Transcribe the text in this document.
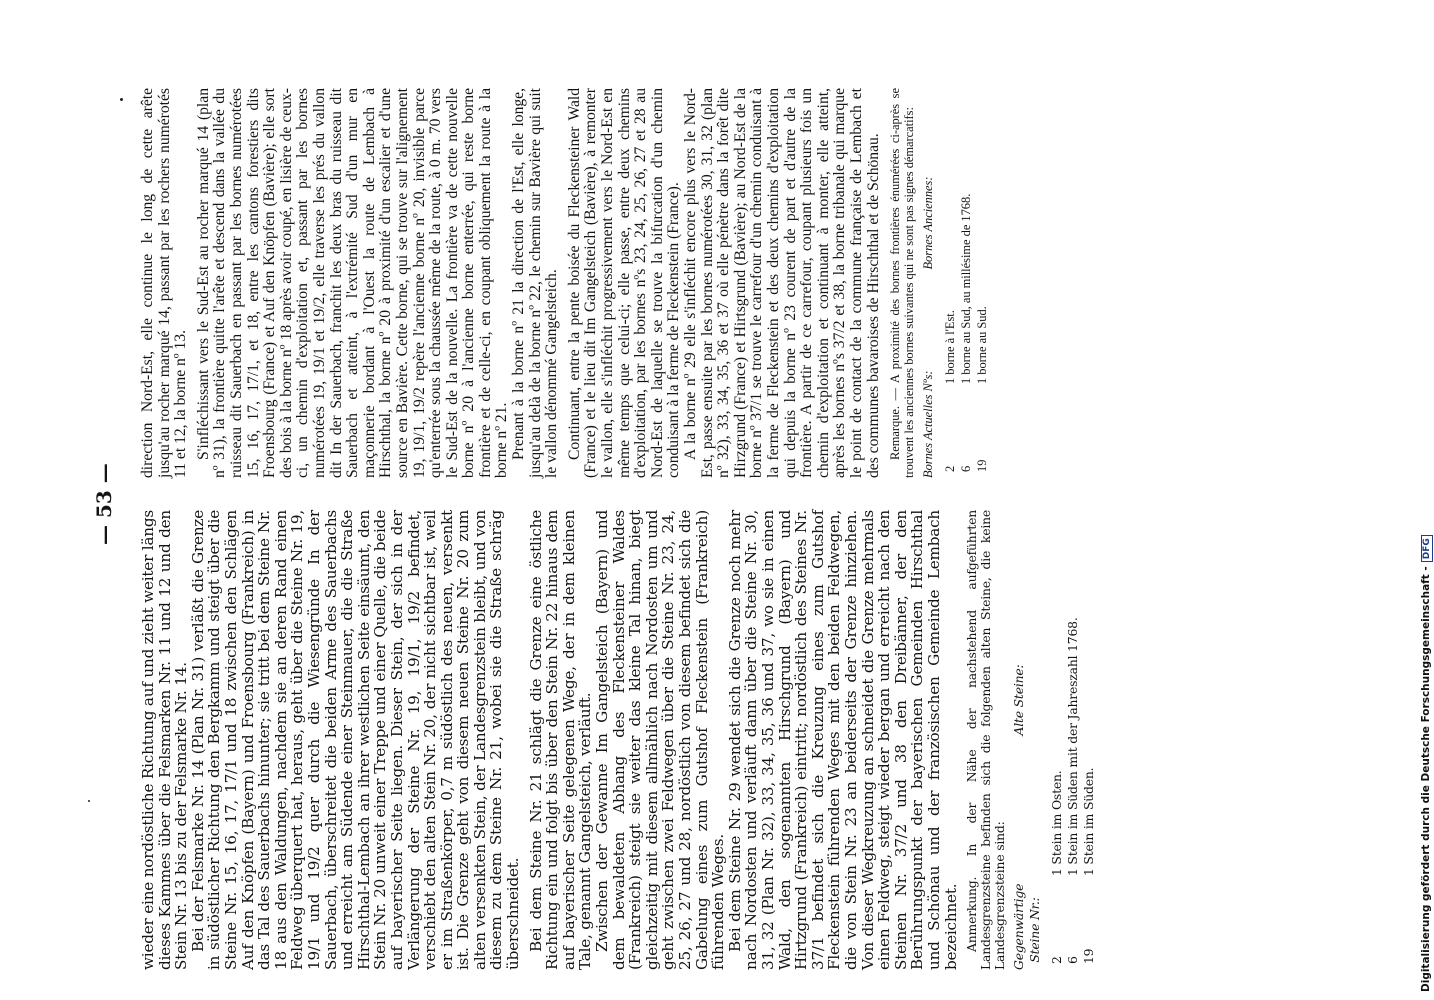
— 53 —

wieder eine nordöstliche Richtung auf und zieht weiter längs dieses Kammes über die Felsmarken Nr. 11 und 12 und den Stein Nr. 13 bis zu der Felsmarke Nr. 14.

Bei der Felsmarke Nr. 14 (Plan Nr. 31) verläßt die Grenze in südöstlicher Richtung den Bergkamm und steigt über die Steine Nr. 15, 16, 17, 17/1 und 18 zwischen den Schlägen Auf den Knöpfen (Bayern) und Froensbourg (Frankreich) in das Tal des Sauerbachs hinunter; sie tritt bei dem Steine Nr. 18 aus den Waldungen, nachdem sie an deren Rand einen Feldweg überquert hat, heraus, geht über die Steine Nr. 19, 19/1 und 19/2 quer durch die Wiesengründe In der Sauerbach, überschreitet die beiden Arme des Sauerbachs und erreicht am Südende einer Steinmauer, die die Straße Hirschthal-Lembach an ihrer westlichen Seite einsäumt, den Stein Nr. 20 unweit einer Treppe und einer Quelle, die beide auf bayerischer Seite liegen. Dieser Stein, der sich in der Verlängerung der Steine Nr. 19, 19/1, 19/2 befindet, verschiebt den alten Stein Nr. 20, der nicht sichtbar ist, weil er im Straßenkörper, 0,7 m südöstlich des neuen, versenkt ist. Die Grenze geht von diesem neuen Steine Nr. 20 zum alten versenkten Stein, der Landesgrenzstein bleibt, und von diesem zu dem Steine Nr. 21, wobei sie die Straße schräg überschneidet. Bei dem Steine Nr. 21 schlägt die Grenze eine östliche Richtung ein und folgt bis über den Stein Nr. 22 hinaus dem auf bayerischer Seite gelegenen Wege, der in dem kleinen Tale, genannt Gangelsteich, verläuft.

Zwischen der Gewanne Im Gangelsteich (Bayern) und dem bewaldeten Abhang des Fleckensteiner Waldes (Frankreich) steigt sie weiter das kleine Tal hinan, biegt gleichzeitig mit diesem allmählich nach Nordosten um und geht zwischen zwei Feldwegen über die Steine Nr. 23, 24, 25, 26, 27 und 28, nordöstlich von diesem befindet sich die Gabelung eines zum Gutshof Fleckenstein (Frankreich) führenden Weges.

Bei dem Steine Nr. 29 wendet sich die Grenze noch mehr nach Nordosten und verläuft dann über die Steine Nr. 30, 31, 32 (Plan Nr. 32), 33, 34, 35, 36 und 37, wo sie in einen Wald, den sogenannten Hirschgrund (Bayern) und Hirtzgrund (Frankreich) eintritt; nordöstlich des Steines Nr. 37/1 befindet sich die Kreuzung eines zum Gutshof Fleckenstein führenden Weges mit den beiden Feldwegen, die von Stein Nr. 23 an beiderseits der Grenze hinziehen. Von dieser Wegkreuzung an schneidet die Grenze mehrmals einen Feldweg, steigt wieder bergan und erreicht nach den Steinen Nr. 37/2 und 38 den Dreibänner, der den Berührungspunkt der bayerischen Gemeinden Hirschthal und Schönau und der französischen Gemeinde Lembach bezeichnet. Anmerkung. In der Nähe der nachstehend aufgeführten Landesgrenzsteine befinden sich die folgenden alten Steine, die keine Landesgrenzsteine sind: Gegenwärtige Steine Nr.:
Alte Steine:
2
1 Stein im Osten.
6
1 Stein im Süden mit der Jahreszahl 1768.
19
1 Stein im Süden.

direction Nord-Est, elle continue le long de cette arête jusqu'au rocher marqué 14, passant par les rochers numérotés 11 et 12, la borne nº 13. S'infléchissant vers le Sud-Est au rocher marqué 14 (plan nº 31), la frontière quitte l'arête et descend dans la vallée du ruisseau dit Sauerbach en passant par les bornes numérotées 15, 16, 17, 17/1, et 18, entre les cantons forestiers dits Froensbourg (France) et Auf den Knöpfen (Bavière); elle sort des bois à la borne nº 18 après avoir coupé, en lisière de ceux-ci, un chemin d'exploitation et, passant par les bornes numérotées 19, 19/1 et 19/2, elle traverse les prés du vallon dit In der Sauerbach, franchit les deux bras du ruisseau dit Sauerbach et atteint, à l'extrémité Sud d'un mur en maçonnerie bordant à l'Ouest la route de Lembach à Hirschthal, la borne nº 20 à proximité d'un escalier et d'une source en Bavière. Cette borne, qui se trouve sur l'alignement 19, 19/1, 19/2 repère l'ancienne borne nº 20, invisible parce qu'enterrée sous la chaussée même de la route, à 0 m. 70 vers le Sud-Est de la nouvelle. La frontière va de cette nouvelle borne nº 20 à l'ancienne borne enterrée, qui reste borne frontière et de celle-ci, en coupant obliquement la route à la borne nº 21. Prenant à la borne nº 21 la direction de l'Est, elle longe, jusqu'au delà de la borne nº 22, le chemin sur Bavière qui suit le vallon dénommé Gangelsteich. Continuant, entre la pente boisée du Fleckensteiner Wald (France) et le lieu dit Im Gangelsteich (Bavière), à remonter le vallon, elle s'infléchit progressivement vers le Nord-Est en même temps que celui-ci; elle passe, entre deux chemins d'exploitation, par les bornes nºs 23, 24, 25, 26, 27 et 28 au Nord-Est de laquelle se trouve la bifurcation d'un chemin conduisant à la ferme de Fleckenstein (France). A la borne nº 29 elle s'infléchit encore plus vers le Nord-Est, passe ensuite par les bornes numérotées 30, 31, 32 (plan nº 32), 33, 34, 35, 36 et 37 où elle pénètre dans la forêt dite Hirzgrund (France) et Hirtsgrund (Bavière); au Nord-Est de la borne nº 37/1 se trouve le carrefour d'un chemin conduisant à la ferme de Fleckenstein et des deux chemins d'exploitation qui depuis la borne nº 23 courent de part et d'autre de la frontière. A partir de ce carrefour, coupant plusieurs fois un chemin d'exploitation et continuant à monter, elle atteint, après les bornes nºs 37/2 et 38, la borne tribanale qui marque le point de contact de la commune française de Lembach et des communes bavaroises de Hirschthal et de Schönau. Remarque. — A proximité des bornes frontières énumérées ci-après se trouvent les anciennes bornes suivantes qui ne sont pas signes démarcatifs: Bornes Actuelles Nºs:
Bornes Anciennes:
2
1 borne à l'Est.
6
1 borne au Sud, au millésime de 1768.
19
1 borne au Sud.
Digitalisierung gefördert durch die Deutsche Forschungsgemeinschaft -DFG
